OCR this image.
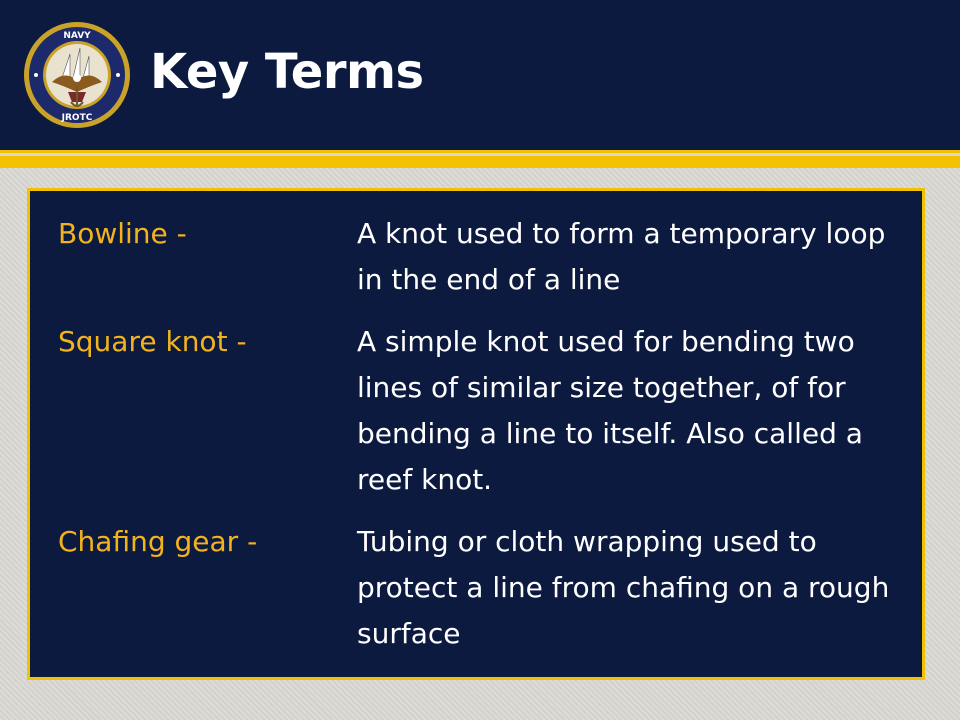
NAVY
JROTC
Key Terms
Bowline -	A knot used to form a temporary loop in the end of a line
Square knot -	A simple knot used for bending two lines of similar size together, of for bending a line to itself. Also called a reef knot.
Chafing gear -	Tubing or cloth wrapping used to protect a line from chafing on a rough surface
